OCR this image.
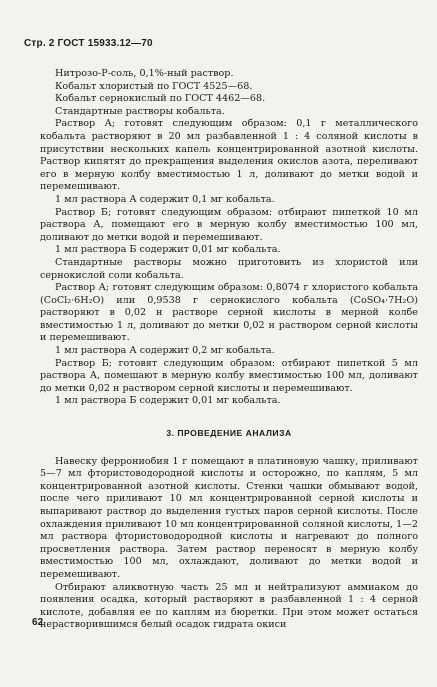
Стр. 2 ГОСТ 15933.12—70

Нитрозо-Р-соль, 0,1%-ный раствор.

Кобальт хлористый по ГОСТ 4525—68.

Кобальт сернокислый по ГОСТ 4462—68.

Стандартные растворы кобальта.

Раствор А; готовят следующим образом: 0,1 г металлического кобальта растворяют в 20 мл разбавленной 1 : 4 соляной кислоты в присутствии нескольких капель концентрированной азотной кислоты. Раствор кипятят до прекращения выделения окислов азота, переливают его в мерную колбу вместимостью 1 л, доливают до метки водой и перемешивают.

1 мл раствора А содержит 0,1 мг кобальта.

Раствор Б; готовят следующим образом: отбирают пипеткой 10 мл раствора А, помещают его в мерную колбу вместимостью 100 мл, доливают до метки водой и перемешивают.

1 мл раствора Б содержит 0,01 мг кобальта.

Стандартные растворы можно приготовить из хлористой или сернокислой соли кобальта.

Раствор А; готовят следующим образом: 0,8074 г хлористого кобальта (CoCl₂·6H₂O) или 0,9538 г сернокислого кобальта (CoSO₄·7H₂O) растворяют в 0,02 н растворе серной кислоты в мерной колбе вместимостью 1 л, доливают до метки 0,02 н раствором серной кислоты и перемешивают.

1 мл раствора А содержит 0,2 мг кобальта.

Раствор Б; готовят следующим образом: отбирают пипеткой 5 мл раствора А, помешают в мерную колбу вместимостью 100 мл, доливают до метки 0,02 н раствором серной кислоты и перемешивают.

1 мл раствора Б содержит 0,01 мг кобальта.

3. ПРОВЕДЕНИЕ АНАЛИЗА

Навеску феррониобия 1 г помещают в платиновую чашку, приливают 5—7 мл фтористоводородной кислоты и осторожно, по каплям, 5 мл концентрированной азотной кислоты. Стенки чашки обмывают водой, после чего приливают 10 мл концентрированной серной кислоты и выпаривают раствор до выделения густых паров серной кислоты. После охлаждения приливают 10 мл концентрированной соляной кислоты, 1—2 мл раствора фтористоводородной кислоты и нагревают до полного просветления раствора. Затем раствор переносят в мерную колбу вместимостью 100 мл, охлаждают, доливают до метки водой и перемешивают.

Отбирают аликвотную часть 25 мл и нейтрализуют аммиаком до появления осадка, который растворяют в разбавленной 1 : 4 серной кислоте, добавляя ее по каплям из бюретки. При этом может остаться нерастворившимся белый осадок гидрата окиси

62
